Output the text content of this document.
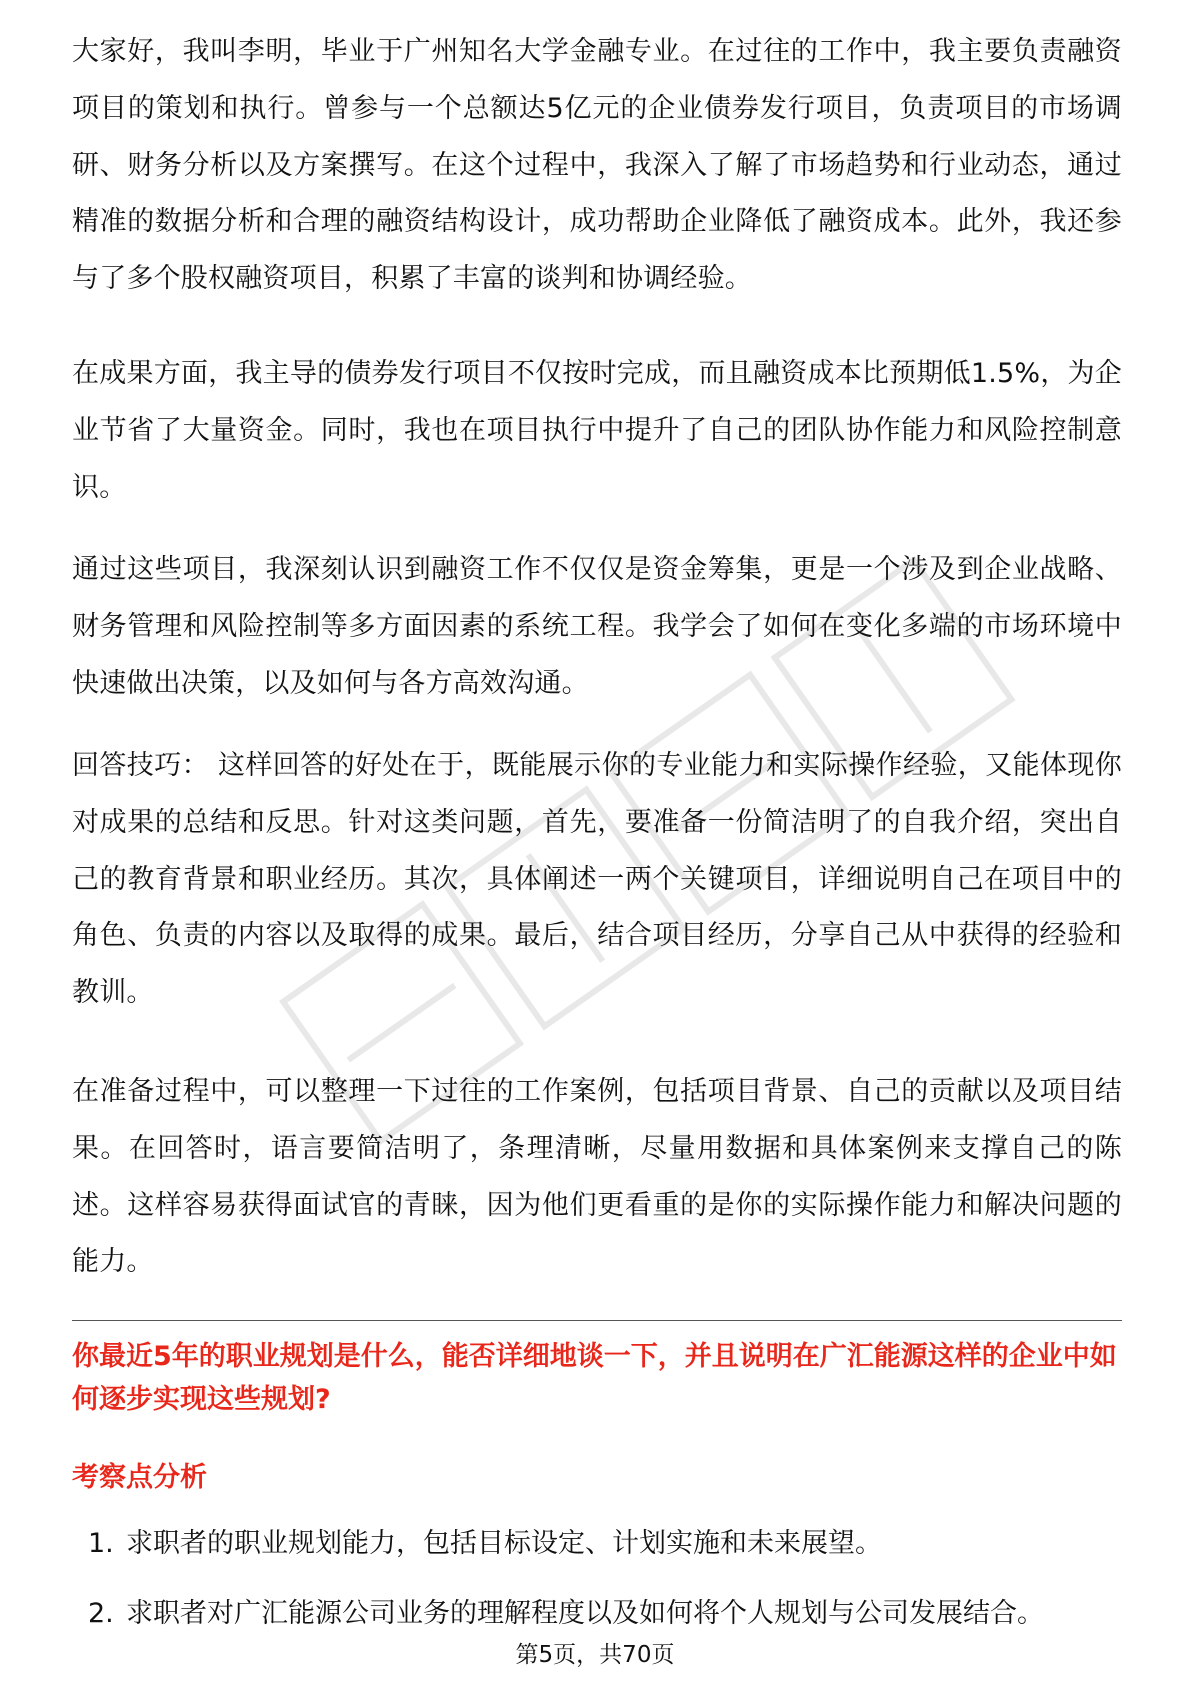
大家好，我叫李明，毕业于广州知名大学金融专业。在过往的工作中，我主要负责融资项目的策划和执行。曾参与一个总额达5亿元的企业债券发行项目，负责项目的市场调研、财务分析以及方案撰写。在这个过程中，我深入了解了市场趋势和行业动态，通过精准的数据分析和合理的融资结构设计，成功帮助企业降低了融资成本。此外，我还参与了多个股权融资项目，积累了丰富的谈判和协调经验。

在成果方面，我主导的债券发行项目不仅按时完成，而且融资成本比预期低1.5%，为企业节省了大量资金。同时，我也在项目执行中提升了自己的团队协作能力和风险控制意识。

通过这些项目，我深刻认识到融资工作不仅仅是资金筹集，更是一个涉及到企业战略、财务管理和风险控制等多方面因素的系统工程。我学会了如何在变化多端的市场环境中快速做出决策，以及如何与各方高效沟通。

回答技巧： 这样回答的好处在于，既能展示你的专业能力和实际操作经验，又能体现你对成果的总结和反思。针对这类问题，首先，要准备一份简洁明了的自我介绍，突出自己的教育背景和职业经历。其次，具体阐述一两个关键项目，详细说明自己在项目中的角色、负责的内容以及取得的成果。最后，结合项目经历，分享自己从中获得的经验和教训。

在准备过程中，可以整理一下过往的工作案例，包括项目背景、自己的贡献以及项目结果。在回答时，语言要简洁明了，条理清晰，尽量用数据和具体案例来支撑自己的陈述。这样容易获得面试官的青睐，因为他们更看重的是你的实际操作能力和解决问题的能力。

你最近5年的职业规划是什么，能否详细地谈一下，并且说明在广汇能源这样的企业中如何逐步实现这些规划?

考察点分析

1. 求职者的职业规划能力，包括目标设定、计划实施和未来展望。
2. 求职者对广汇能源公司业务的理解程度以及如何将个人规划与公司发展结合。
第5页，共70页
